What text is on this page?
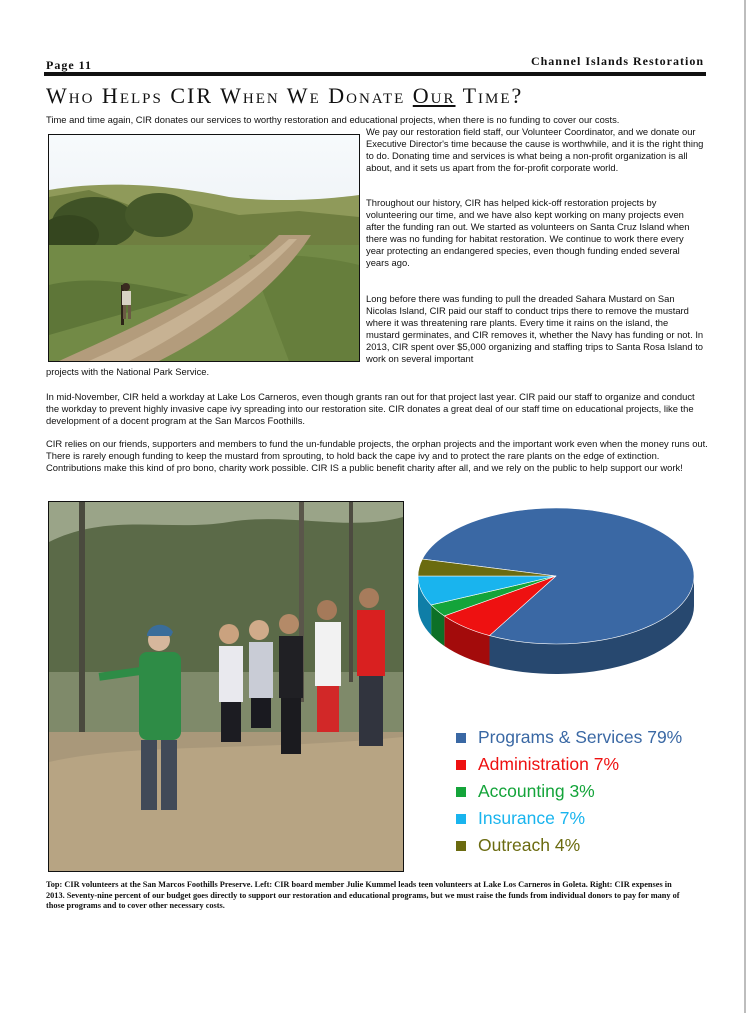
Page 11	Channel Islands Restoration
Who Helps CIR When We Donate Our Time?
Time and time again, CIR donates our services to worthy restoration and educational projects, when there is no funding to cover our costs.
We pay our restoration field staff, our Volunteer Coordinator, and we donate our Executive Director's time because the cause is worthwhile, and it is the right thing to do. Donating time and services is what being a non-profit organization is all about, and it sets us apart from the for-profit corporate world.
Throughout our history, CIR has helped kick-off restoration projects by volunteering our time, and we have also kept working on many projects even after the funding ran out. We started as volunteers on Santa Cruz Island when there was no funding for habitat restoration. We continue to work there every year protecting an endangered species, even though funding ended several years ago.
Long before there was funding to pull the dreaded Sahara Mustard on San Nicolas Island, CIR paid our staff to conduct trips there to remove the mustard where it was threatening rare plants. Every time it rains on the island, the mustard germinates, and CIR removes it, whether the Navy has funding or not. In 2013, CIR spent over $5,000 organizing and staffing trips to Santa Rosa Island to work on several important
projects with the National Park Service.
In mid-November, CIR held a workday at Lake Los Carneros, even though grants ran out for that project last year. CIR paid our staff to organize and conduct the workday to prevent highly invasive cape ivy spreading into our restoration site. CIR donates a great deal of our staff time on educational projects, like the development of a docent program at the San Marcos Foothills.
CIR relies on our friends, supporters and members to fund the un-fundable projects, the orphan projects and the important work even when the money runs out. There is rarely enough funding to keep the mustard from sprouting, to hold back the cape ivy and to protect the rare plants on the edge of extinction. Contributions make this kind of pro bono, charity work possible. CIR IS a public benefit charity after all, and we rely on the public to help support our work!
Programs & Services 79%
Administration 7%
Accounting 3%
Insurance 7%
Outreach 4%
Top: CIR volunteers at the San Marcos Foothills Preserve. Left: CIR board member Julie Kummel leads teen volunteers at Lake Los Carneros in Goleta. Right: CIR expenses in 2013. Seventy-nine percent of our budget goes directly to support our restoration and educational programs, but we must raise the funds from individual donors to pay for many of those programs and to cover other necessary costs.
